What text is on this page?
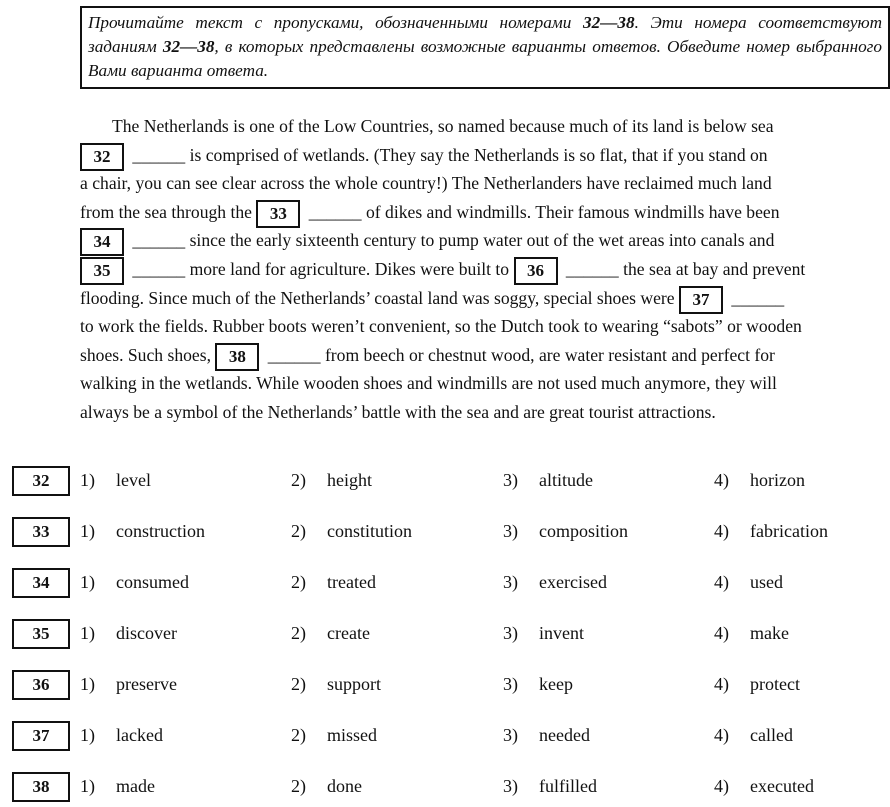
Прочитайте текст с пропусками, обозначенными номерами 32—38. Эти номера соответствуют заданиям 32—38, в которых представлены возможные варианты ответов. Обведите номер выбранного Вами варианта ответа.
The Netherlands is one of the Low Countries, so named because much of its land is below sea
32 ______ is comprised of wetlands. (They say the Netherlands is so flat, that if you stand on
a chair, you can see clear across the whole country!) The Netherlanders have reclaimed much land
from the sea through the 33 ______ of dikes and windmills. Their famous windmills have been
34 ______ since the early sixteenth century to pump water out of the wet areas into canals and
35 ______ more land for agriculture. Dikes were built to 36 ______ the sea at bay and prevent
flooding. Since much of the Netherlands’ coastal land was soggy, special shoes were 37 ______
to work the fields. Rubber boots weren’t convenient, so the Dutch took to wearing “sabots” or wooden
shoes. Such shoes, 38 ______ from beech or chestnut wood, are water resistant and perfect for
walking in the wetlands. While wooden shoes and windmills are not used much anymore, they will
always be a symbol of the Netherlands’ battle with the sea and are great tourist attractions.
32	1) level	2) height	3) altitude	4) horizon
33	1) construction	2) constitution	3) composition	4) fabrication
34	1) consumed	2) treated	3) exercised	4) used
35	1) discover	2) create	3) invent	4) make
36	1) preserve	2) support	3) keep	4) protect
37	1) lacked	2) missed	3) needed	4) called
38	1) made	2) done	3) fulfilled	4) executed
